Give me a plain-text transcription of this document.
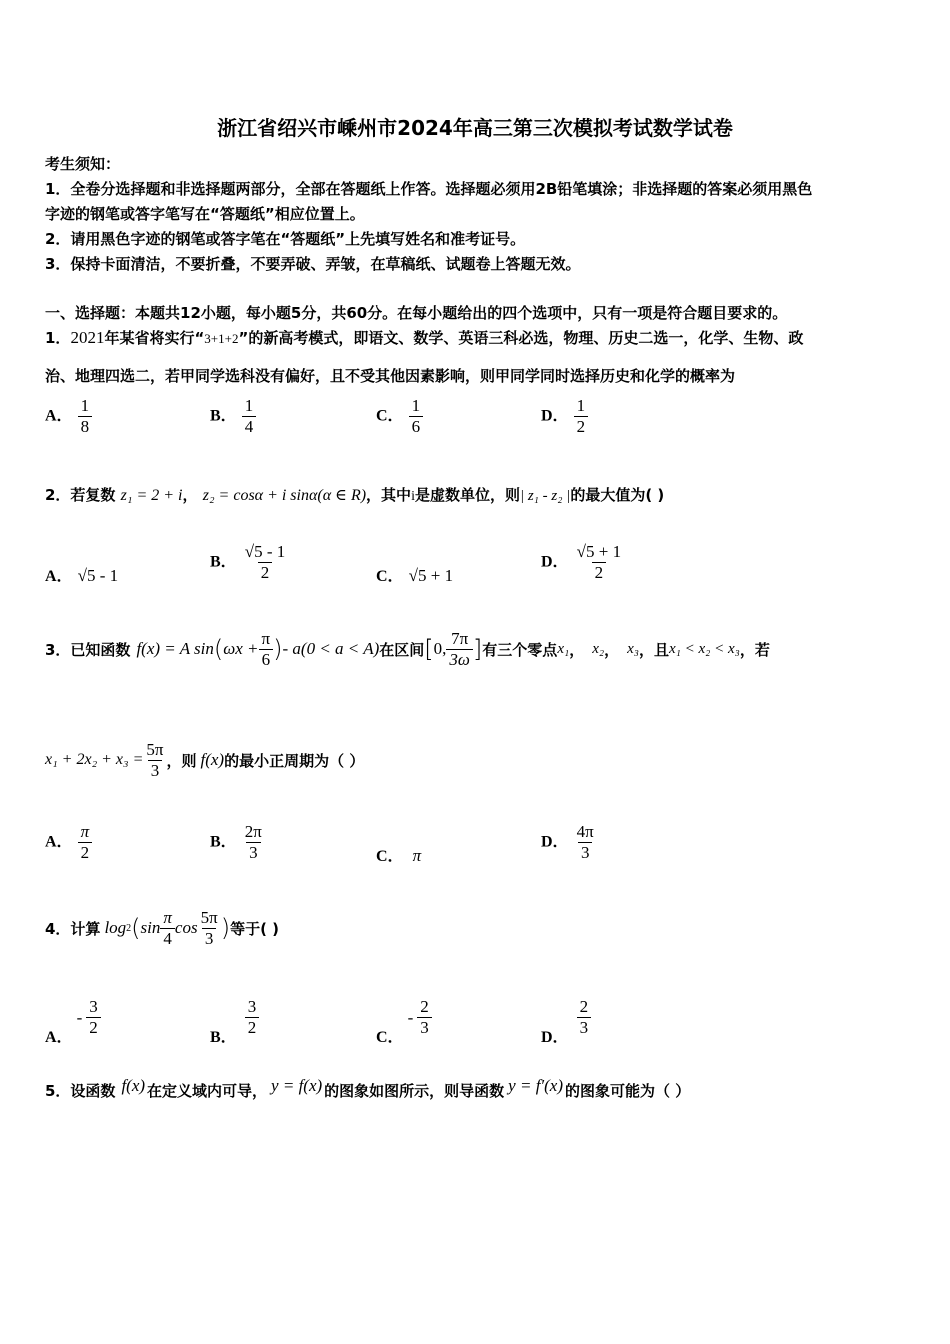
浙江省绍兴市嵊州市2024年高三第三次模拟考试数学试卷
考生须知：
1．全卷分选择题和非选择题两部分，全部在答题纸上作答。选择题必须用2B铅笔填涂；非选择题的答案必须用黑色
字迹的钢笔或答字笔写在“答题纸”相应位置上。
2．请用黑色字迹的钢笔或答字笔在“答题纸”上先填写姓名和准考证号。
3．保持卡面清洁，不要折叠，不要弄破、弄皱，在草稿纸、试题卷上答题无效。
一、选择题：本题共12小题，每小题5分，共60分。在每小题给出的四个选项中，只有一项是符合题目要求的。
1．2021年某省将实行“3+1+2”的新高考模式，即语文、数学、英语三科必选，物理、历史二选一，化学、生物、政
治、地理四选二，若甲同学选科没有偏好，且不受其他因素影响，则甲同学同时选择历史和化学的概率为
A． $\frac{1}{8}$	B． $\frac{1}{4}$	C． $\frac{1}{6}$	D． $\frac{1}{2}$
2．若复数 z₁ = 2 + i， z₂ = cosα + i sinα(α ∈ R)，其中i是虚数单位，则| z₁ - z₂ |的最大值为( )
A． √5 - 1
B． $\frac{√5 - 1}{2}$	C． √5 + 1
D． $\frac{√5 + 1}{2}$
3．已知函数 f(x) = A sin ( $\omega x + \frac{\pi}{6}$ ) - a(0 < a < A) 在区间 [ 0, $\frac{7\pi}{3\omega}$ ] 有三个零点 x₁ ， x₂ ， x₃ ，且 x₁ < x₂ < x₃ ，若
$x_1 + 2x_2 + x_3 = \frac{5\pi}{3}$ ，则 f(x) 的最小正周期为（ ）
A． $\frac{\pi}{2}$	B． $\frac{2\pi}{3}$	C． π
D． $\frac{4\pi}{3}$
4．计算 log 2 ( $\sin \frac{\pi}{4}$ $\cos \frac{5\pi}{3}$ ) 等于( )
A．
- $\frac{3}{2}$	B． $\frac{3}{2}$	C．
- $\frac{2}{3}$	D． $\frac{2}{3}$
5．设函数 f(x) 在定义域内可导， y = f(x) 的图象如图所示，则导函数 y = f′(x) 的图象可能为（ ）
